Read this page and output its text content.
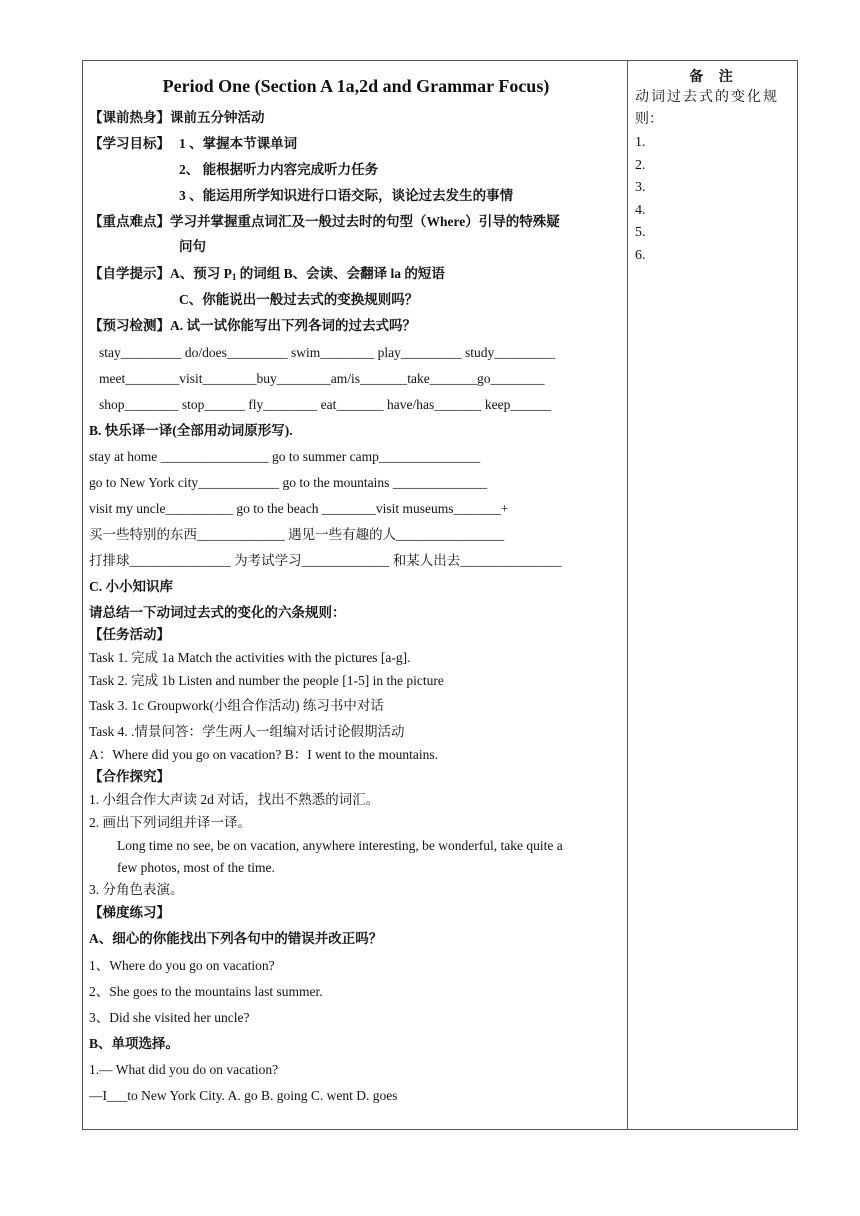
Period One (Section A 1a,2d and Grammar Focus)
【课前热身】课前五分钟活动
【学习目标】 1 、掌握本节课单词
2、 能根据听力内容完成听力任务
3 、能运用所学知识进行口语交际，谈论过去发生的事情
【重点难点】学习并掌握重点词汇及一般过去时的句型（Where）引导的特殊疑
问句
【自学提示】A、预习 $P_1$ 的词组 B、会读、会翻译 la 的短语
C、你能说出一般过去式的变换规则吗？
【预习检测】A. 试一试你能写出下列各词的过去式吗？
stay_________ do/does_________ swim________ play_________ study_________
meet________visit________buy________am/is_______take_______go________
shop________ stop______ fly________ eat_______ have/has_______ keep______
B. 快乐译一译(全部用动词原形写).
stay at home ________________ go to summer camp_______________
go to New York city____________ go to the mountains ______________
visit my uncle__________ go to the beach ________visit museums_______+
买一些特别的东西_____________ 遇见一些有趣的人________________
打排球_______________ 为考试学习_____________ 和某人出去_______________
C. 小小知识库
请总结一下动词过去式的变化的六条规则：
【任务活动】
Task 1. 完成 1a Match the activities with the pictures [a-g].
Task 2. 完成 1b Listen and number the people [1-5] in the picture
Task 3. 1c Groupwork(小组合作活动) 练习书中对话
Task 4. .情景问答：学生两人一组编对话讨论假期活动
A：Where did you go on vacation? B：I went to the mountains.
【合作探究】
1. 小组合作大声读 2d 对话，找出不熟悉的词汇。
2. 画出下列词组并译一译。
Long time no see, be on vacation, anywhere interesting, be wonderful, take quite a
few photos, most of the time.
3. 分角色表演。
【梯度练习】
A、细心的你能找出下列各句中的错误并改正吗？
1、Where do you go on vacation?
2、She goes to the mountains last summer.
3、Did she visited her uncle?
B、单项选择。
1.— What did you do on vacation?
—I___to New York City. A. go B. going C. went D. goes
备 注
动词过去式的变化规
则：
1.
2.
3.
4.
5.
6.
